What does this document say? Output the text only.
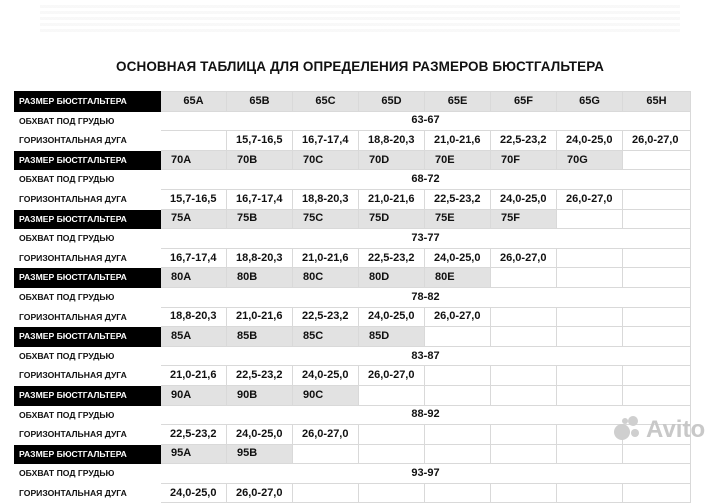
ОСНОВНАЯ ТАБЛИЦА ДЛЯ ОПРЕДЕЛЕНИЯ РАЗМЕРОВ БЮСТГАЛЬТЕРА
РАЗМЕР БЮСТГАЛЬТЕРА	65A	65B	65C	65D	65E	65F	65G	65H
ОБХВАТ ПОД ГРУДЬЮ	63-67							
ГОРИЗОНТАЛЬНАЯ ДУГА		15,7-16,5	16,7-17,4	18,8-20,3	21,0-21,6	22,5-23,2	24,0-25,0	26,0-27,0
РАЗМЕР БЮСТГАЛЬТЕРА	70A	70B	70C	70D	70E	70F	70G	
ОБХВАТ ПОД ГРУДЬЮ	68-72							
ГОРИЗОНТАЛЬНАЯ ДУГА	15,7-16,5	16,7-17,4	18,8-20,3	21,0-21,6	22,5-23,2	24,0-25,0	26,0-27,0	
РАЗМЕР БЮСТГАЛЬТЕРА	75A	75B	75C	75D	75E	75F		
ОБХВАТ ПОД ГРУДЬЮ	73-77							
ГОРИЗОНТАЛЬНАЯ ДУГА	16,7-17,4	18,8-20,3	21,0-21,6	22,5-23,2	24,0-25,0	26,0-27,0		
РАЗМЕР БЮСТГАЛЬТЕРА	80A	80B	80C	80D	80E			
ОБХВАТ ПОД ГРУДЬЮ	78-82							
ГОРИЗОНТАЛЬНАЯ ДУГА	18,8-20,3	21,0-21,6	22,5-23,2	24,0-25,0	26,0-27,0			
РАЗМЕР БЮСТГАЛЬТЕРА	85A	85B	85C	85D				
ОБХВАТ ПОД ГРУДЬЮ	83-87							
ГОРИЗОНТАЛЬНАЯ ДУГА	21,0-21,6	22,5-23,2	24,0-25,0	26,0-27,0				
РАЗМЕР БЮСТГАЛЬТЕРА	90A	90B	90C					
ОБХВАТ ПОД ГРУДЬЮ	88-92							
ГОРИЗОНТАЛЬНАЯ ДУГА	22,5-23,2	24,0-25,0	26,0-27,0					
РАЗМЕР БЮСТГАЛЬТЕРА	95A	95B						
ОБХВАТ ПОД ГРУДЬЮ	93-97							
ГОРИЗОНТАЛЬНАЯ ДУГА	24,0-25,0	26,0-27,0						
Avito
